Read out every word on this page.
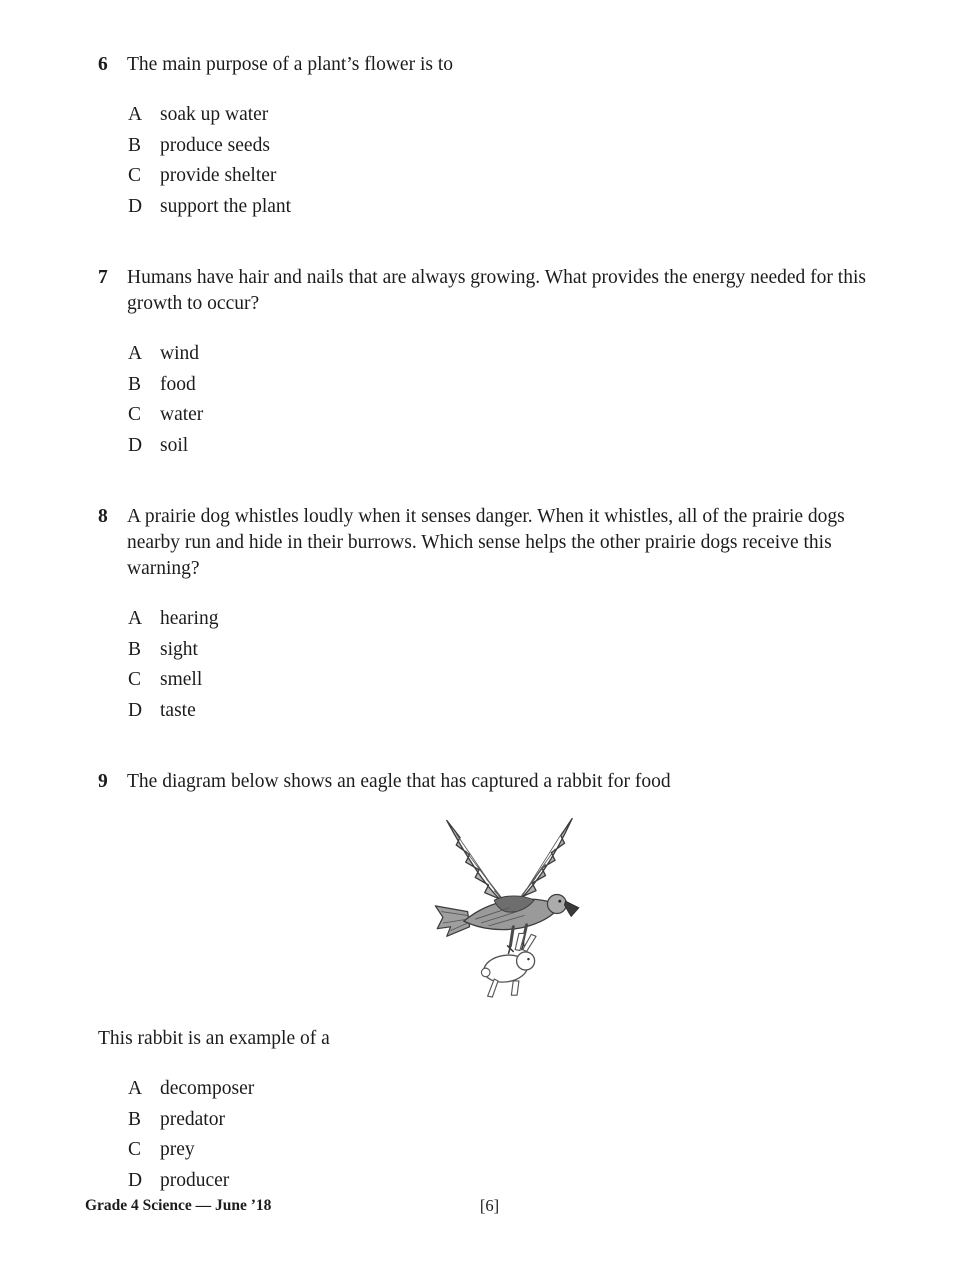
6 The main purpose of a plant’s flower is to

A soak up water
B produce seeds
C provide shelter
D support the plant
7 Humans have hair and nails that are always growing. What provides the energy needed for this growth to occur?

A wind
B food
C water
D soil
8 A prairie dog whistles loudly when it senses danger. When it whistles, all of the prairie dogs nearby run and hide in their burrows. Which sense helps the other prairie dogs receive this warning?

A hearing
B sight
C smell
D taste
9 The diagram below shows an eagle that has captured a rabbit for food

This rabbit is an example of a

A decomposer
B predator
C prey
D producer
Grade 4 Science — June ’18	[6]
